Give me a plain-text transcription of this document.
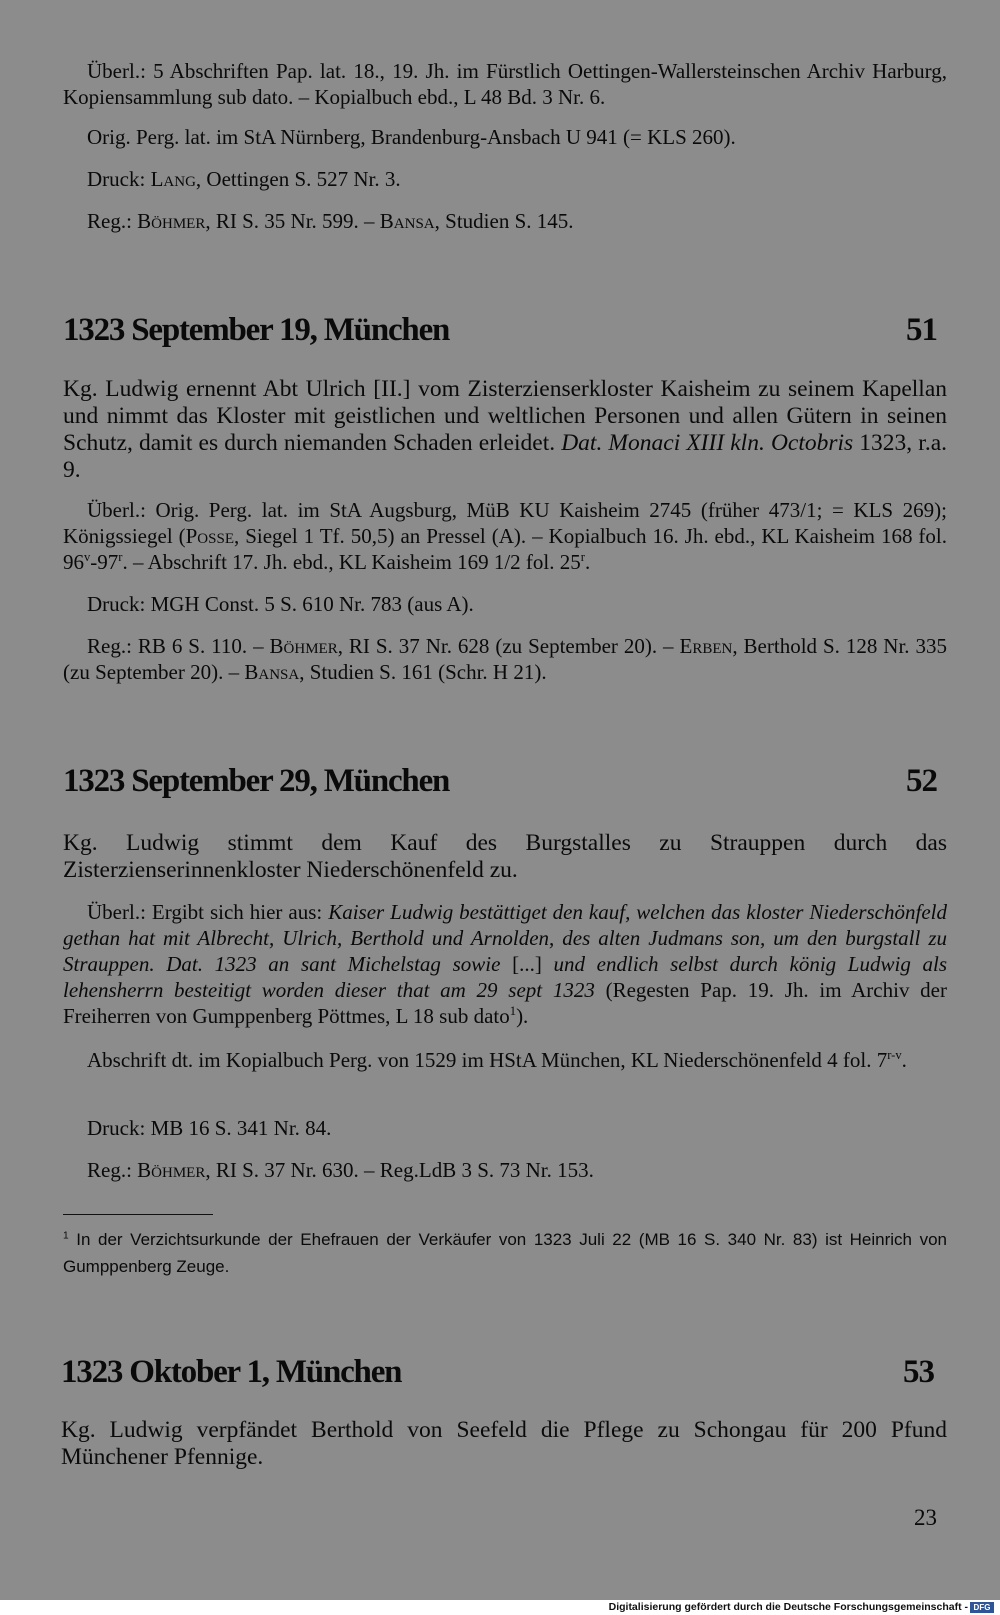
Überl.: 5 Abschriften Pap. lat. 18., 19. Jh. im Fürstlich Oettingen-Wallersteinschen Archiv Harburg, Kopiensammlung sub dato. – Kopialbuch ebd., L 48 Bd. 3 Nr. 6.

Orig. Perg. lat. im StA Nürnberg, Brandenburg-Ansbach U 941 (= KLS 260).

Druck: Lang, Oettingen S. 527 Nr. 3.

Reg.: Böhmer, RI S. 35 Nr. 599. – Bansa, Studien S. 145.

1323 September 19, München	51

Kg. Ludwig ernennt Abt Ulrich [II.] vom Zisterzienserkloster Kaisheim zu seinem Kapellan und nimmt das Kloster mit geistlichen und weltlichen Personen und allen Gütern in seinen Schutz, damit es durch niemanden Schaden erleidet. Dat. Monaci XIII kln. Octobris 1323, r.a. 9.

Überl.: Orig. Perg. lat. im StA Augsburg, MüB KU Kaisheim 2745 (früher 473/1; = KLS 269); Königssiegel (Posse, Siegel 1 Tf. 50,5) an Pressel (A). – Kopialbuch 16. Jh. ebd., KL Kaisheim 168 fol. 96$^v$-97$^r$. – Abschrift 17. Jh. ebd., KL Kaisheim 169 1/2 fol. 25$^r$.

Druck: MGH Const. 5 S. 610 Nr. 783 (aus A).

Reg.: RB 6 S. 110. – Böhmer, RI S. 37 Nr. 628 (zu September 20). – Erben, Berthold S. 128 Nr. 335 (zu September 20). – Bansa, Studien S. 161 (Schr. H 21).

1323 September 29, München	52

Kg. Ludwig stimmt dem Kauf des Burgstalles zu Strauppen durch das Zisterzienserinnenkloster Niederschönenfeld zu.

Überl.: Ergibt sich hier aus: Kaiser Ludwig bestättiget den kauf, welchen das kloster Niederschönfeld gethan hat mit Albrecht, Ulrich, Berthold und Arnolden, des alten Judmans son, um den burgstall zu Strauppen. Dat. 1323 an sant Michelstag sowie [...] und endlich selbst durch könig Ludwig als lehensherrn besteitigt worden dieser that am 29 sept 1323 (Regesten Pap. 19. Jh. im Archiv der Freiherren von Gumppenberg Pöttmes, L 18 sub dato$^1$).

Abschrift dt. im Kopialbuch Perg. von 1529 im HStA München, KL Niederschönenfeld 4 fol. 7$^{r-v}$.

Druck: MB 16 S. 341 Nr. 84.

Reg.: Böhmer, RI S. 37 Nr. 630. – Reg.LdB 3 S. 73 Nr. 153.

$^1$ In der Verzichtsurkunde der Ehefrauen der Verkäufer von 1323 Juli 22 (MB 16 S. 340 Nr. 83) ist Heinrich von Gumppenberg Zeuge.

1323 Oktober 1, München	53

Kg. Ludwig verpfändet Berthold von Seefeld die Pflege zu Schongau für 200 Pfund Münchener Pfennige.

23
Digitalisierung gefördert durch die Deutsche Forschungsgemeinschaft - DFG
